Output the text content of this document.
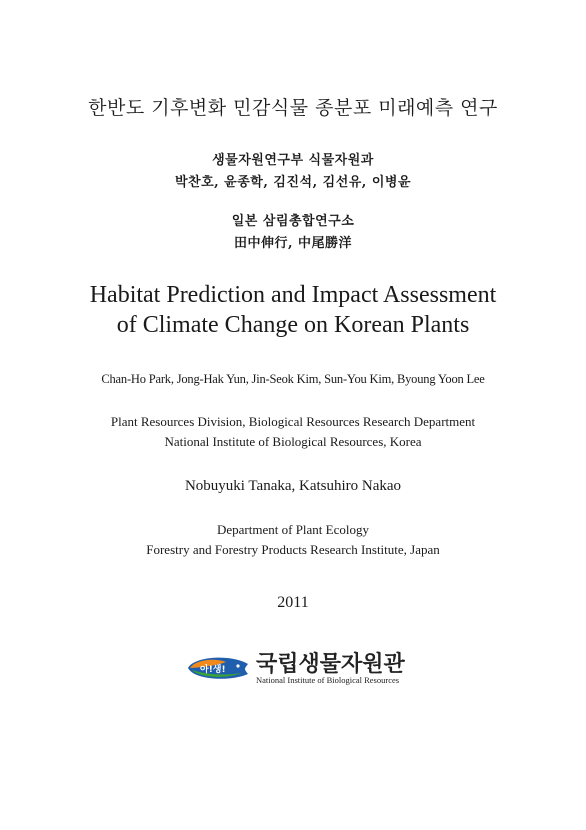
한반도 기후변화 민감식물 종분포 미래예측 연구
생물자원연구부 식물자원과
박찬호, 윤종학, 김진석, 김선유, 이병윤
일본 삼림총합연구소
田中伸行, 中尾勝洋
Habitat Prediction and Impact Assessment
of Climate Change on Korean Plants
Chan-Ho Park, Jong-Hak Yun, Jin-Seok Kim, Sun-You Kim, Byoung Yoon Lee
Plant Resources Division, Biological Resources Research Department
National Institute of Biological Resources, Korea
Nobuyuki Tanaka, Katsuhiro Nakao
Department of Plant Ecology
Forestry and Forestry Products Research Institute, Japan
2011
아!생! 국립생물자원관
National Institute of Biological Resources
